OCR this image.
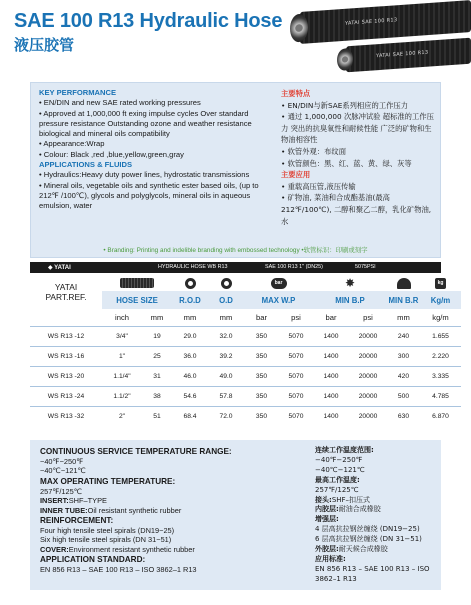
SAE 100 R13 Hydraulic Hose
液压胶管
YATAI SAE 100 R13
YATAI SAE 100 R13
KEY PERFORMANCE
• EN/DIN and new SAE rated working pressures
• Approved at 1,000,000 ft exing impulse cycles Over standard pressure resistance Outstanding ozone and weather resistance biological and mineral oils compatibility
• Appearance:Wrap
• Colour: Black ,red ,blue,yellow,green,gray
APPLICATIONS & FLUIDS
• Hydraulics:Heavy duty power lines, hydrostatic transmissions
• Mineral oils, vegetable oils and synthetic ester based oils, (up to 212℉ /100℃), glycols and polyglycols, mineral oils in aqueous emulsion, water
主要特点
• EN/DIN与新SAE系列相应的工作压力
• 通过 1,000,000 次脉冲试验 超标准的工作压力 突出的抗臭氧性和耐候性能 广泛的矿物和生物油相容性
• 软管外观：布纹面
• 软管颜色：黑、红、蓝、黄、绿、灰等
主要应用
• 重载高压管,液压传输
• 矿物油, 菜油和合成酯基油(最高 212℉/100℃), 二醇和聚乙二醇，乳化矿物油,水
• Branding: Printing and indelible branding with embossed technology •软管标识：印刷或刻字
◆ YATAI	HYDRAULIC HOSE WB R13	SAE 100 R13 1" (DN25)	5075PSI
YATAI
PART.REF.					bar		✸			kg
	HOSE SIZE		R.O.D	O.D	MAX W.P		MIN B.P		MIN B.R	Kg/m
	inch	mm	mm	mm	bar	psi	bar	psi	mm	kg/m
WS R13 -12	3/4"	19	29.0	32.0	350	5070	1400	20000	240	1.655
WS R13 -16	1"	25	36.0	39.2	350	5070	1400	20000	300	2.220
WS R13 -20	1.1/4"	31	46.0	49.0	350	5070	1400	20000	420	3.335
WS R13 -24	1.1/2"	38	54.6	57.8	350	5070	1400	20000	500	4.785
WS R13 -32	2"	51	68.4	72.0	350	5070	1400	20000	630	6.870
CONTINUOUS SERVICE TEMPERATURE RANGE:
−40℉−250℉
−40℃−121℃
MAX OPERATING TEMPERATURE:
257℉/125℃
INSERT:SHF–TYPE
INNER TUBE:Oil resistant synthetic rubber
REINFORCEMENT:
Four high tensile steel spirals (DN19−25)
Six high tensile steel spirals (DN 31−51)
COVER:Environment resistant synthetic rubber
APPLICATION STANDARD:
EN 856 R13 – SAE 100 R13 – ISO 3862–1 R13
连续工作温度范围:
−40℉−250℉
−40℃−121℃
最高工作温度:
257℉/125℃
接头:SHF–扣压式
内胶层:耐油合成橡胶
增强层:
4 层高抗拉钢丝缠绕 (DN19−25)
6 层高抗拉钢丝缠绕 (DN 31−51)
外胶层:耐天候合成橡胶
应用标准:
EN 856 R13 – SAE 100 R13 – ISO 3862–1 R13
